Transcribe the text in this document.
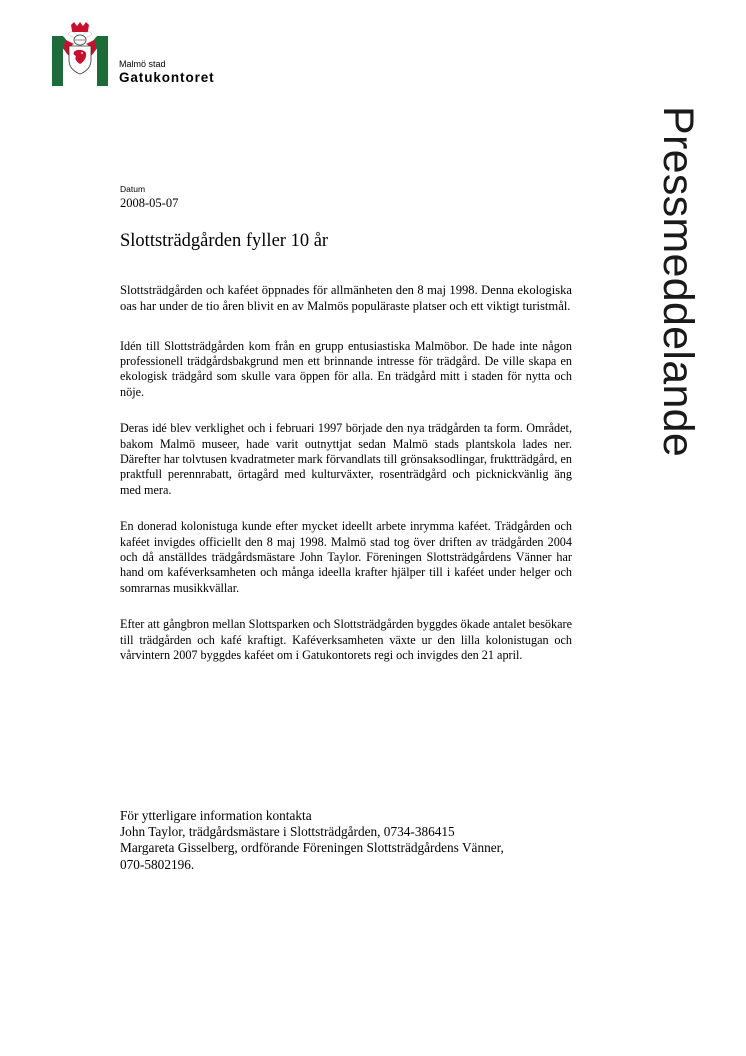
Malmö stad
Gatukontoret
Pressmeddelande
Datum
2008-05-07
Slottsträdgården fyller 10 år

Slottsträdgården och kaféet öppnades för allmänheten den 8 maj 1998. Denna ekologiska oas har under de tio åren blivit en av Malmös populäraste platser och ett viktigt turistmål.

Idén till Slottsträdgården kom från en grupp entusiastiska Malmöbor. De hade inte någon professionell trädgårdsbakgrund men ett brinnande intresse för trädgård. De ville skapa en ekologisk trädgård som skulle vara öppen för alla. En trädgård mitt i staden för nytta och nöje.

Deras idé blev verklighet och i februari 1997 började den nya trädgården ta form. Området, bakom Malmö museer, hade varit outnyttjat sedan Malmö stads plantskola lades ner. Därefter har tolvtusen kvadratmeter mark förvandlats till grönsaksodlingar, fruktträdgård, en praktfull perennrabatt, örtagård med kulturväxter, rosenträdgård och picknickvänlig äng med mera.

En donerad kolonistuga kunde efter mycket ideellt arbete inrymma kaféet. Trädgården och kaféet invigdes officiellt den 8 maj 1998. Malmö stad tog över driften av trädgården 2004 och då anställdes trädgårdsmästare John Taylor. Föreningen Slottsträdgårdens Vänner har hand om kaféverksamheten och många ideella krafter hjälper till i kaféet under helger och somrarnas musikkvällar.

Efter att gångbron mellan Slottsparken och Slottsträdgården byggdes ökade antalet besökare till trädgården och kafé kraftigt. Kaféverksamheten växte ur den lilla kolonistugan och vårvintern 2007 byggdes kaféet om i Gatukontorets regi och invigdes den 21 april.

För ytterligare information kontakta
John Taylor, trädgårdsmästare i Slottsträdgården, 0734-386415
Margareta Gisselberg, ordförande Föreningen Slottsträdgårdens Vänner,
070-5802196.
